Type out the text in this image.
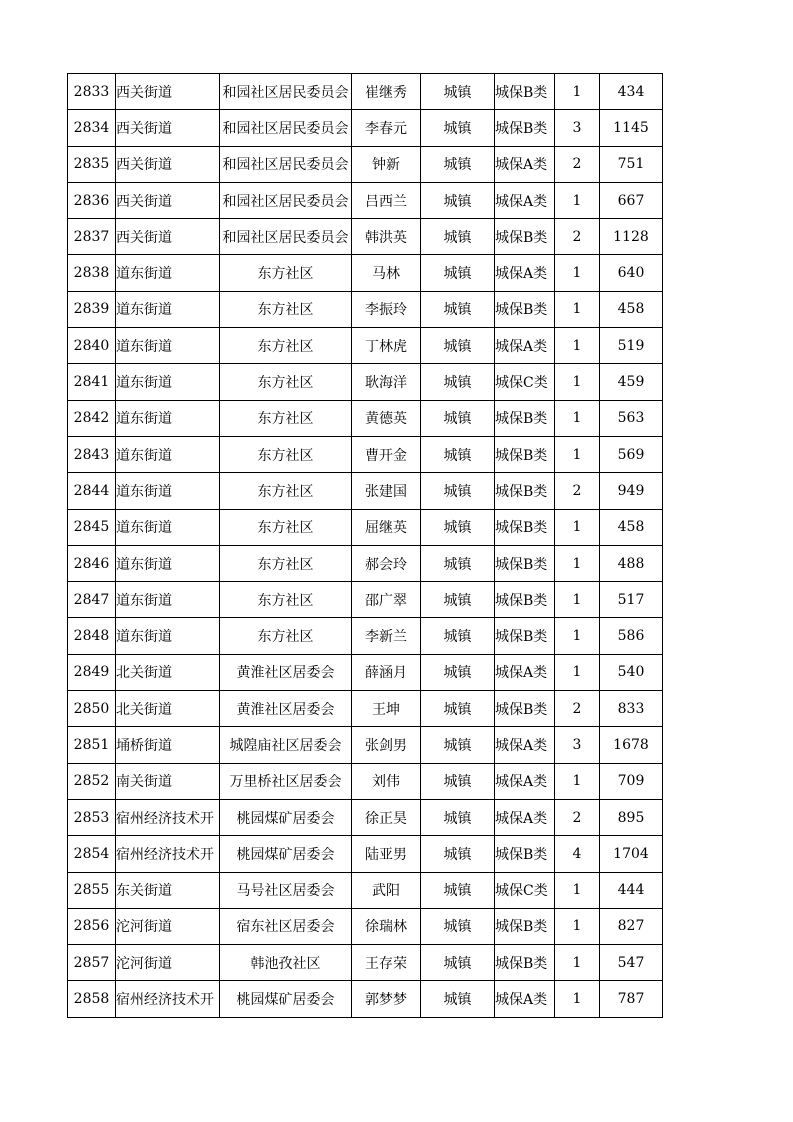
2833	西关街道	和园社区居民委员会	崔继秀	城镇	城保B类	1	434
2834	西关街道	和园社区居民委员会	李春元	城镇	城保B类	3	1145
2835	西关街道	和园社区居民委员会	钟新	城镇	城保A类	2	751
2836	西关街道	和园社区居民委员会	吕西兰	城镇	城保A类	1	667
2837	西关街道	和园社区居民委员会	韩洪英	城镇	城保B类	2	1128
2838	道东街道	东方社区	马林	城镇	城保A类	1	640
2839	道东街道	东方社区	李振玲	城镇	城保B类	1	458
2840	道东街道	东方社区	丁林虎	城镇	城保A类	1	519
2841	道东街道	东方社区	耿海洋	城镇	城保C类	1	459
2842	道东街道	东方社区	黄德英	城镇	城保B类	1	563
2843	道东街道	东方社区	曹开金	城镇	城保B类	1	569
2844	道东街道	东方社区	张建国	城镇	城保B类	2	949
2845	道东街道	东方社区	屈继英	城镇	城保B类	1	458
2846	道东街道	东方社区	郝会玲	城镇	城保B类	1	488
2847	道东街道	东方社区	邵广翠	城镇	城保B类	1	517
2848	道东街道	东方社区	李新兰	城镇	城保B类	1	586
2849	北关街道	黄淮社区居委会	薛涵月	城镇	城保A类	1	540
2850	北关街道	黄淮社区居委会	王坤	城镇	城保B类	2	833
2851	埇桥街道	城隍庙社区居委会	张剑男	城镇	城保A类	3	1678
2852	南关街道	万里桥社区居委会	刘伟	城镇	城保A类	1	709
2853	宿州经济技术开	桃园煤矿居委会	徐正昊	城镇	城保A类	2	895
2854	宿州经济技术开	桃园煤矿居委会	陆亚男	城镇	城保B类	4	1704
2855	东关街道	马号社区居委会	武阳	城镇	城保C类	1	444
2856	沱河街道	宿东社区居委会	徐瑞林	城镇	城保B类	1	827
2857	沱河街道	韩池孜社区	王存荣	城镇	城保B类	1	547
2858	宿州经济技术开	桃园煤矿居委会	郭梦梦	城镇	城保A类	1	787
